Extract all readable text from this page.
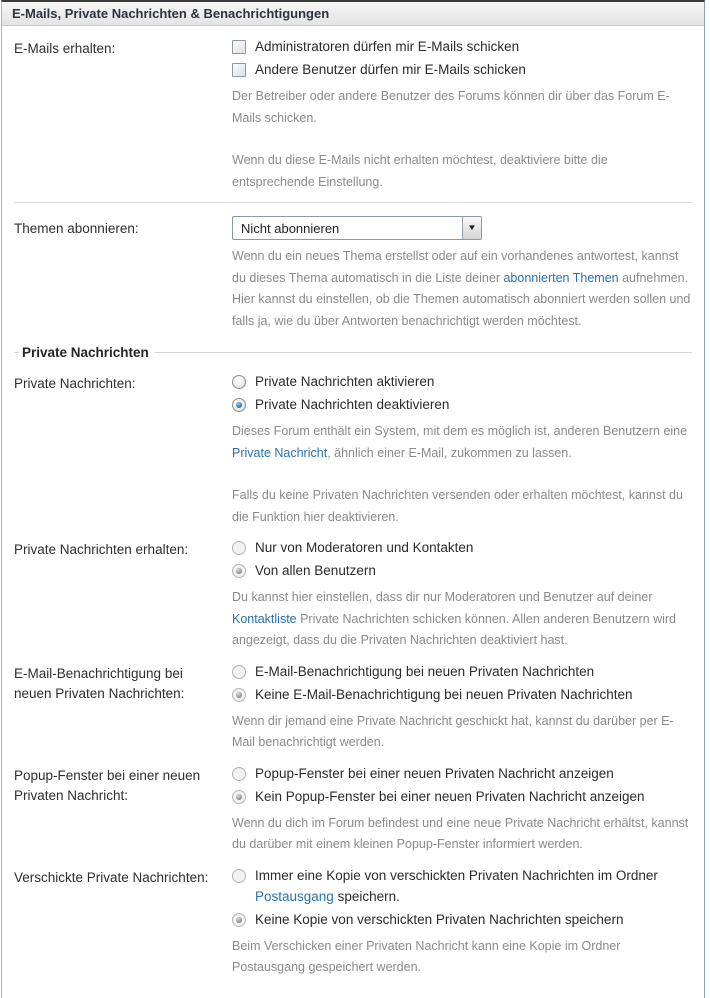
E-Mails, Private Nachrichten & Benachrichtigungen
E-Mails erhalten:	Administratoren dürfen mir E-Mails schicken
Andere Benutzer dürfen mir E-Mails schicken

Der Betreiber oder andere Benutzer des Forums können dir über das Forum E-Mails schicken.

Wenn du diese E-Mails nicht erhalten möchtest, deaktiviere bitte die entsprechende Einstellung.

Themen abonnieren:	Nicht abonnieren	▼

Wenn du ein neues Thema erstellst oder auf ein vorhandenes antwortest, kannst du dieses Thema automatisch in die Liste deiner abonnierten Themen aufnehmen. Hier kannst du einstellen, ob die Themen automatisch abonniert werden sollen und falls ja, wie du über Antworten benachrichtigt werden möchtest.

Private Nachrichten
Private Nachrichten:	Private Nachrichten aktivieren
Private Nachrichten deaktivieren

Dieses Forum enthält ein System, mit dem es möglich ist, anderen Benutzern eine Private Nachricht, ähnlich einer E-Mail, zukommen zu lassen.

Falls du keine Privaten Nachrichten versenden oder erhalten möchtest, kannst du die Funktion hier deaktivieren.

Private Nachrichten erhalten:	Nur von Moderatoren und Kontakten
Von allen Benutzern

Du kannst hier einstellen, dass dir nur Moderatoren und Benutzer auf deiner Kontaktliste Private Nachrichten schicken können. Allen anderen Benutzern wird angezeigt, dass du die Privaten Nachrichten deaktiviert hast.

E-Mail-Benachrichtigung bei neuen Privaten Nachrichten:
E-Mail-Benachrichtigung bei neuen Privaten Nachrichten
Keine E-Mail-Benachrichtigung bei neuen Privaten Nachrichten

Wenn dir jemand eine Private Nachricht geschickt hat, kannst du darüber per E-Mail benachrichtigt werden.

Popup-Fenster bei einer neuen Privaten Nachricht:
Popup-Fenster bei einer neuen Privaten Nachricht anzeigen
Kein Popup-Fenster bei einer neuen Privaten Nachricht anzeigen

Wenn du dich im Forum befindest und eine neue Private Nachricht erhältst, kannst du darüber mit einem kleinen Popup-Fenster informiert werden.

Verschickte Private Nachrichten:	Immer eine Kopie von verschickten Privaten Nachrichten im Ordner Postausgang speichern.
Keine Kopie von verschickten Privaten Nachrichten speichern

Beim Verschicken einer Privaten Nachricht kann eine Kopie im Ordner Postausgang gespeichert werden.
